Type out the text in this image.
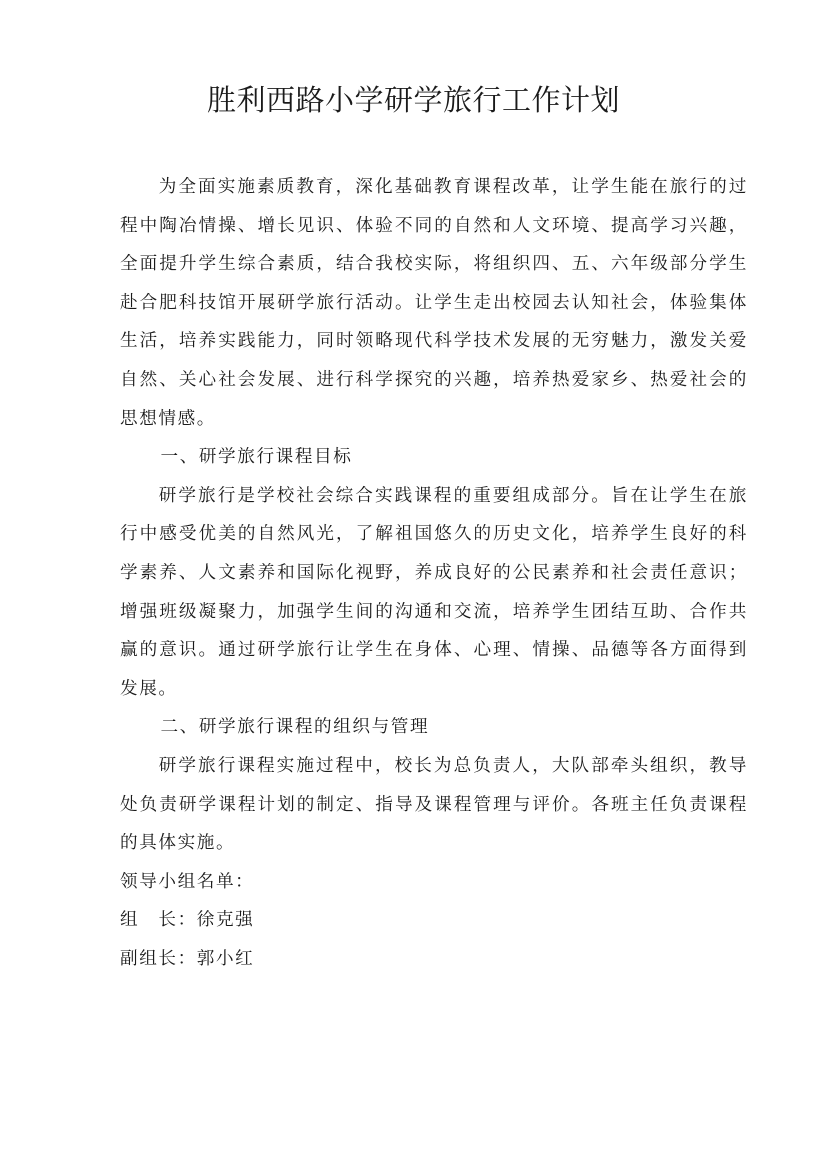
胜利西路小学研学旅行工作计划

为全面实施素质教育，深化基础教育课程改革，让学生能在旅行的过程中陶冶情操、增长见识、体验不同的自然和人文环境、提高学习兴趣，全面提升学生综合素质，结合我校实际，将组织四、五、六年级部分学生赴合肥科技馆开展研学旅行活动。让学生走出校园去认知社会，体验集体生活，培养实践能力，同时领略现代科学技术发展的无穷魅力，激发关爱自然、关心社会发展、进行科学探究的兴趣，培养热爱家乡、热爱社会的思想情感。

一、研学旅行课程目标

研学旅行是学校社会综合实践课程的重要组成部分。旨在让学生在旅行中感受优美的自然风光，了解祖国悠久的历史文化，培养学生良好的科学素养、人文素养和国际化视野，养成良好的公民素养和社会责任意识；增强班级凝聚力，加强学生间的沟通和交流，培养学生团结互助、合作共赢的意识。通过研学旅行让学生在身体、心理、情操、品德等各方面得到发展。

二、研学旅行课程的组织与管理

研学旅行课程实施过程中，校长为总负责人，大队部牵头组织，教导处负责研学课程计划的制定、指导及课程管理与评价。各班主任负责课程的具体实施。

领导小组名单：

组　长：徐克强

副组长：郭小红
